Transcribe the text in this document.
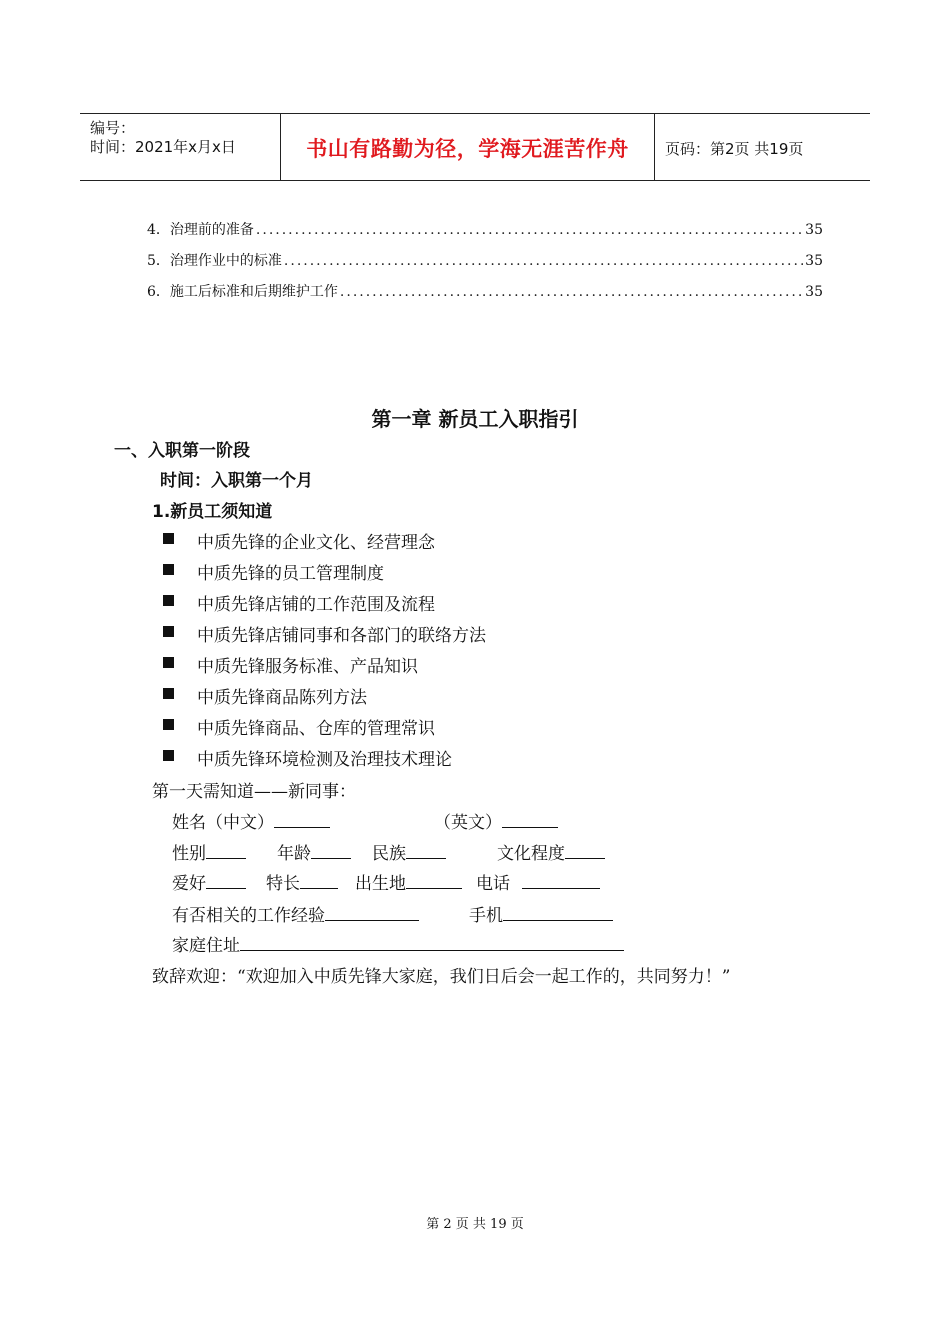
编号：
时间：2021年x月x日	书山有路勤为径，学海无涯苦作舟	页码：第2页 共19页
4．治理前的准备 .....	35
5．治理作业中的标准 .....	35
6．施工后标准和后期维护工作 .....	35
第一章 新员工入职指引
一、入职第一阶段
时间：入职第一个月
1.新员工须知道
中质先锋的企业文化、经营理念
中质先锋的员工管理制度
中质先锋店铺的工作范围及流程
中质先锋店铺同事和各部门的联络方法
中质先锋服务标准、产品知识
中质先锋商品陈列方法
中质先锋商品、仓库的管理常识
中质先锋环境检测及治理技术理论
第一天需知道——新同事：
姓名（中文）	（英文）
性别	年龄	民族	文化程度
爱好	特长	出生地	电话
有否相关的工作经验	手机
家庭住址
致辞欢迎：“欢迎加入中质先锋大家庭，我们日后会一起工作的，共同努力！”
第 2 页 共 19 页
